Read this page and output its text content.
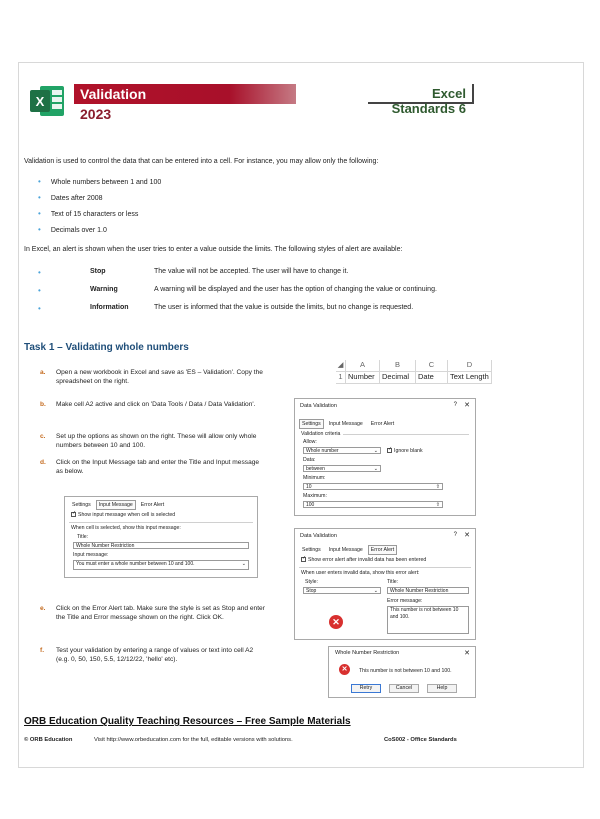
X	Validation
2023
Excel Standards 6
Validation is used to control the data that can be entered into a cell. For instance, you may allow only the following:
• Whole numbers between 1 and 100
• Dates after 2008
• Text of 15 characters or less
• Decimals over 1.0
In Excel, an alert is shown when the user tries to enter a value outside the limits. The following styles of alert are available:
•	Stop	The value will not be accepted. The user will have to change it.
•	Warning	A warning will be displayed and the user has the option of changing the value or continuing.
•	Information	The user is informed that the value is outside the limits, but no change is requested.
Task 1 – Validating whole numbers
a. Open a new workbook in Excel and save as 'ES – Validation'. Copy the spreadsheet on the right.
b. Make cell A2 active and click on 'Data Tools / Data / Data Validation'.
c. Set up the options as shown on the right. These will allow only whole numbers between 10 and 100.
d. Click on the Input Message tab and enter the Title and Input message as below.
e. Click on the Error Alert tab. Make sure the style is set as Stop and enter the Title and Error message shown on the right. Click OK.
f. Test your validation by entering a range of values or text into cell A2 (e.g. 0, 50, 150, 5.5, 12/12/22, 'hello' etc).
Settings	Input Message	Error Alert
✓Show input message when cell is selected
When cell is selected, show this input message:
Title:
Whole Number Restriction
Input message:
You must enter a whole number between 10 and 100.	⌄
◢	A	B	C	D
1 Number Decimal	Date	Text Length
Data Validation	? ✕
Settings	Input Message	Error Alert
Validation criteria
Allow:
Whole number	⌄
✓	Ignore blank
Data:
between	⌄
Minimum:
10	⇧
Maximum:
100	⇧
Data Validation	? ✕
Settings	Input Message	Error Alert
✓Show error alert after invalid data has been entered
When user enters invalid data, show this error alert:
Style:	Title:
Stop	⌄	Whole Number Restriction
Error message:
This number is not between 10 and 100.
✕
Whole Number Restriction	✕
✕	This number is not between 10 and 100.
Retry	Cancel	Help
ORB Education Quality Teaching Resources – Free Sample Materials
© ORB Education	Visit http://www.orbeducation.com for the full, editable versions with solutions.	CoS002 - Office Standards
